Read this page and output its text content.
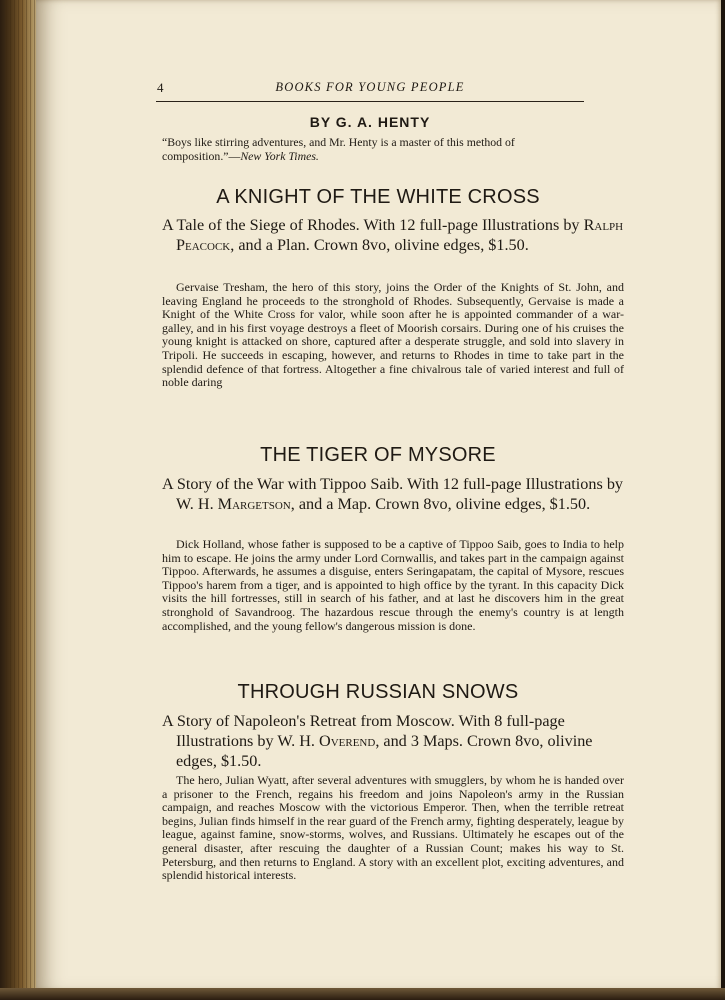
4	BOOKS FOR YOUNG PEOPLE
BY G. A. HENTY
“Boys like stirring adventures, and Mr. Henty is a master of this method of composition.”—New York Times.
A KNIGHT OF THE WHITE CROSS
A Tale of the Siege of Rhodes. With 12 full-page Illustrations by Ralph Peacock, and a Plan. Crown 8vo, olivine edges, $1.50.
Gervaise Tresham, the hero of this story, joins the Order of the Knights of St. John, and leaving England he proceeds to the stronghold of Rhodes. Subsequently, Gervaise is made a Knight of the White Cross for valor, while soon after he is appointed commander of a war-galley, and in his first voyage destroys a fleet of Moorish corsairs. During one of his cruises the young knight is attacked on shore, captured after a desperate struggle, and sold into slavery in Tripoli. He succeeds in escaping, however, and returns to Rhodes in time to take part in the splendid defence of that fortress. Altogether a fine chivalrous tale of varied interest and full of noble daring
THE TIGER OF MYSORE
A Story of the War with Tippoo Saib. With 12 full-page Illustrations by W. H. Margetson, and a Map. Crown 8vo, olivine edges, $1.50.
Dick Holland, whose father is supposed to be a captive of Tippoo Saib, goes to India to help him to escape. He joins the army under Lord Cornwallis, and takes part in the campaign against Tippoo. Afterwards, he assumes a disguise, enters Seringapatam, the capital of Mysore, rescues Tippoo's harem from a tiger, and is appointed to high office by the tyrant. In this capacity Dick visits the hill fortresses, still in search of his father, and at last he discovers him in the great stronghold of Savandroog. The hazardous rescue through the enemy's country is at length accomplished, and the young fellow's dangerous mission is done.
THROUGH RUSSIAN SNOWS
A Story of Napoleon's Retreat from Moscow. With 8 full-page Illustrations by W. H. Overend, and 3 Maps. Crown 8vo, olivine edges, $1.50.
The hero, Julian Wyatt, after several adventures with smugglers, by whom he is handed over a prisoner to the French, regains his freedom and joins Napoleon's army in the Russian campaign, and reaches Moscow with the victorious Emperor. Then, when the terrible retreat begins, Julian finds himself in the rear guard of the French army, fighting desperately, league by league, against famine, snow-storms, wolves, and Russians. Ultimately he escapes out of the general disaster, after rescuing the daughter of a Russian Count; makes his way to St. Petersburg, and then returns to England. A story with an excellent plot, exciting adventures, and splendid historical interests.
